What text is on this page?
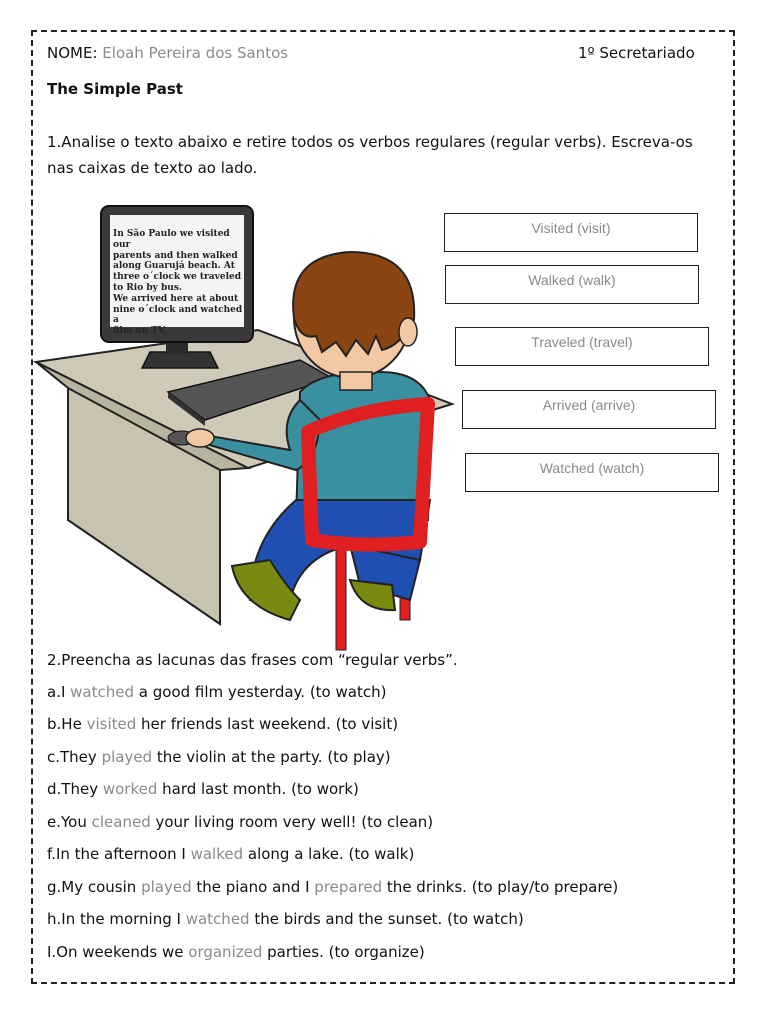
NOME: Eloah Pereira dos Santos	1º Secretariado
The Simple Past
1.Analise o texto abaixo e retire todos os verbos regulares (regular verbs). Escreva-os
nas caixas de texto ao lado.
In São Paulo we visited our
parents and then walked
along Guarujá beach. At
three o´clock we traveled
to Rio by bus.
We arrived here at about
nine o´clock and watched a
film on TV.
Visited (visit)
Walked (walk)
Traveled (travel)
Arrived (arrive)
Watched (watch)
2.Preencha as lacunas das frases com “regular verbs”.
a.I watched a good film yesterday. (to watch)
b.He visited her friends last weekend. (to visit)
c.They played the violin at the party. (to play)
d.They worked hard last month. (to work)
e.You cleaned your living room very well! (to clean)
f.In the afternoon I walked along a lake. (to walk)
g.My cousin played the piano and I prepared the drinks. (to play/to prepare)
h.In the morning I watched the birds and the sunset. (to watch)
I.On weekends we organized parties. (to organize)
